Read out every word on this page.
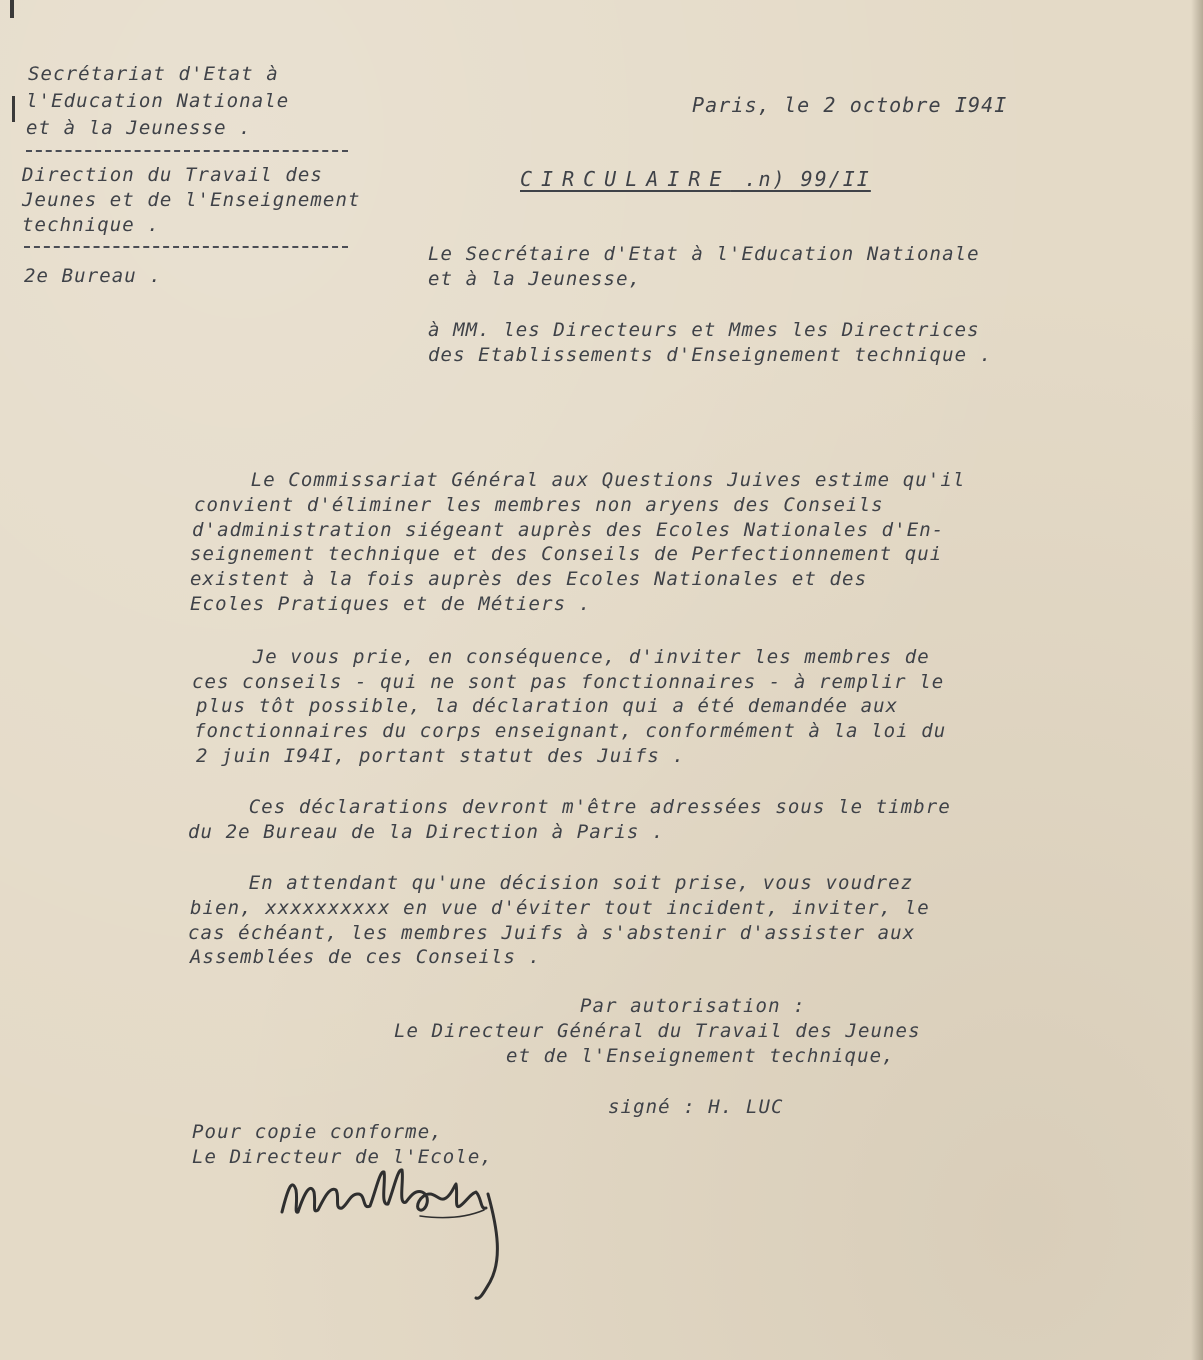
Secrétariat d'Etat à
l'Education Nationale
et à la Jeunesse .
Direction du Travail des
Jeunes et de l'Enseignement
technique .
2e Bureau .
Paris, le 2 octobre I94I
CIRCULAIRE .n) 99/II
Le Secrétaire d'Etat à l'Education Nationale
et à la Jeunesse,
à MM. les Directeurs et Mmes les Directrices
des Etablissements d'Enseignement technique .
Le Commissariat Général aux Questions Juives estime qu'il
convient d'éliminer les membres non aryens des Conseils
d'administration siégeant auprès des Ecoles Nationales d'En-
seignement technique et des Conseils de Perfectionnement qui
existent à la fois auprès des Ecoles Nationales et des
Ecoles Pratiques et de Métiers .
Je vous prie, en conséquence, d'inviter les membres de
ces conseils - qui ne sont pas fonctionnaires - à remplir le
plus tôt possible, la déclaration qui a été demandée aux
fonctionnaires du corps enseignant, conformément à la loi du
2 juin I94I, portant statut des Juifs .
Ces déclarations devront m'être adressées sous le timbre
du 2e Bureau de la Direction à Paris .
En attendant qu'une décision soit prise, vous voudrez
bien, xxxxxxxxxx en vue d'éviter tout incident, inviter, le
cas échéant, les membres Juifs à s'abstenir d'assister aux
Assemblées de ces Conseils .
Par autorisation :
Le Directeur Général du Travail des Jeunes
et de l'Enseignement technique,
signé : H. LUC
Pour copie conforme,
Le Directeur de l'Ecole,
